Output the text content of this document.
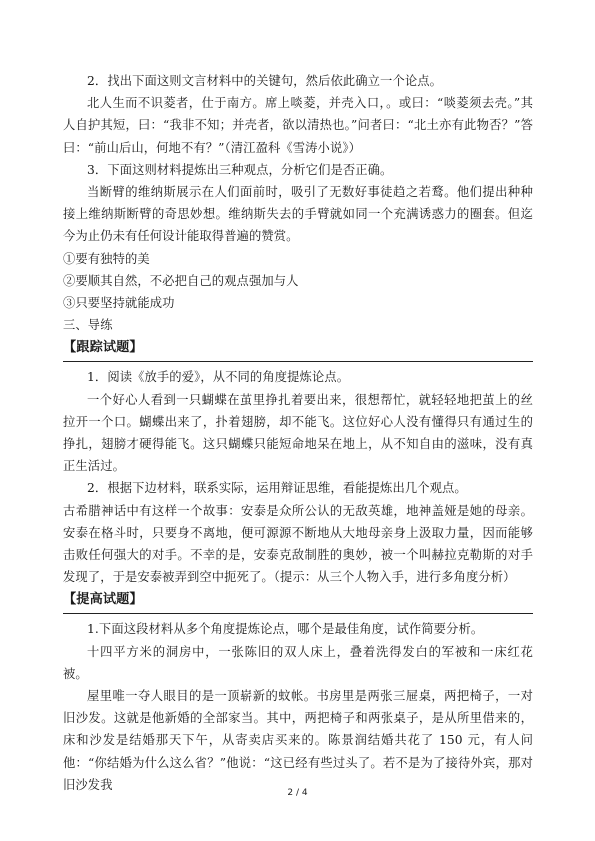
2．找出下面这则文言材料中的关键句，然后依此确立一个论点。

北人生而不识菱者，仕于南方。席上啖菱，并壳入口，。或曰：“啖菱须去壳。”其人自护其短，曰：“我非不知；并壳者，欲以清热也。”问者曰：“北土亦有此物否？”答曰：“前山后山，何地不有？”（清江盈科《雪涛小说》）

3．下面这则材料提炼出三种观点，分析它们是否正确。

当断臂的维纳斯展示在人们面前时，吸引了无数好事徒趋之若鹜。他们提出种种接上维纳斯断臂的奇思妙想。维纳斯失去的手臂就如同一个充满诱惑力的圈套。但迄今为止仍未有任何设计能取得普遍的赞赏。

①要有独特的美

②要顺其自然，不必把自己的观点强加与人

③只要坚持就能成功

三、导练

【跟踪试题】

1．阅读《放手的爱》，从不同的角度提炼论点。

一个好心人看到一只蝴蝶在茧里挣扎着要出来，很想帮忙，就轻轻地把茧上的丝拉开一个口。蝴蝶出来了，扑着翅膀，却不能飞。这位好心人没有懂得只有通过生的挣扎，翅膀才硬得能飞。这只蝴蝶只能短命地呆在地上，从不知自由的滋味，没有真正生活过。

2．根据下边材料，联系实际，运用辩证思维，看能提炼出几个观点。

古希腊神话中有这样一个故事：安泰是众所公认的无敌英雄，地神盖娅是她的母亲。安泰在格斗时，只要身不离地，便可源源不断地从大地母亲身上汲取力量，因而能够击败任何强大的对手。不幸的是，安泰克敌制胜的奥妙，被一个叫赫拉克勒斯的对手发现了，于是安泰被弄到空中扼死了。（提示：从三个人物入手，进行多角度分析）

【提高试题】

1.下面这段材料从多个角度提炼论点，哪个是最佳角度，试作简要分析。

十四平方米的洞房中，一张陈旧的双人床上，叠着洗得发白的军被和一床红花被。

屋里唯一夺人眼目的是一顶崭新的蚊帐。书房里是两张三屉桌，两把椅子，一对旧沙发。这就是他新婚的全部家当。其中，两把椅子和两张桌子，是从所里借来的，床和沙发是结婚那天下午，从寄卖店买来的。陈景润结婚共花了 150 元，有人问他：“你结婚为什么这么省？”他说：“这已经有些过头了。若不是为了接待外宾，那对旧沙发我

2 / 4
